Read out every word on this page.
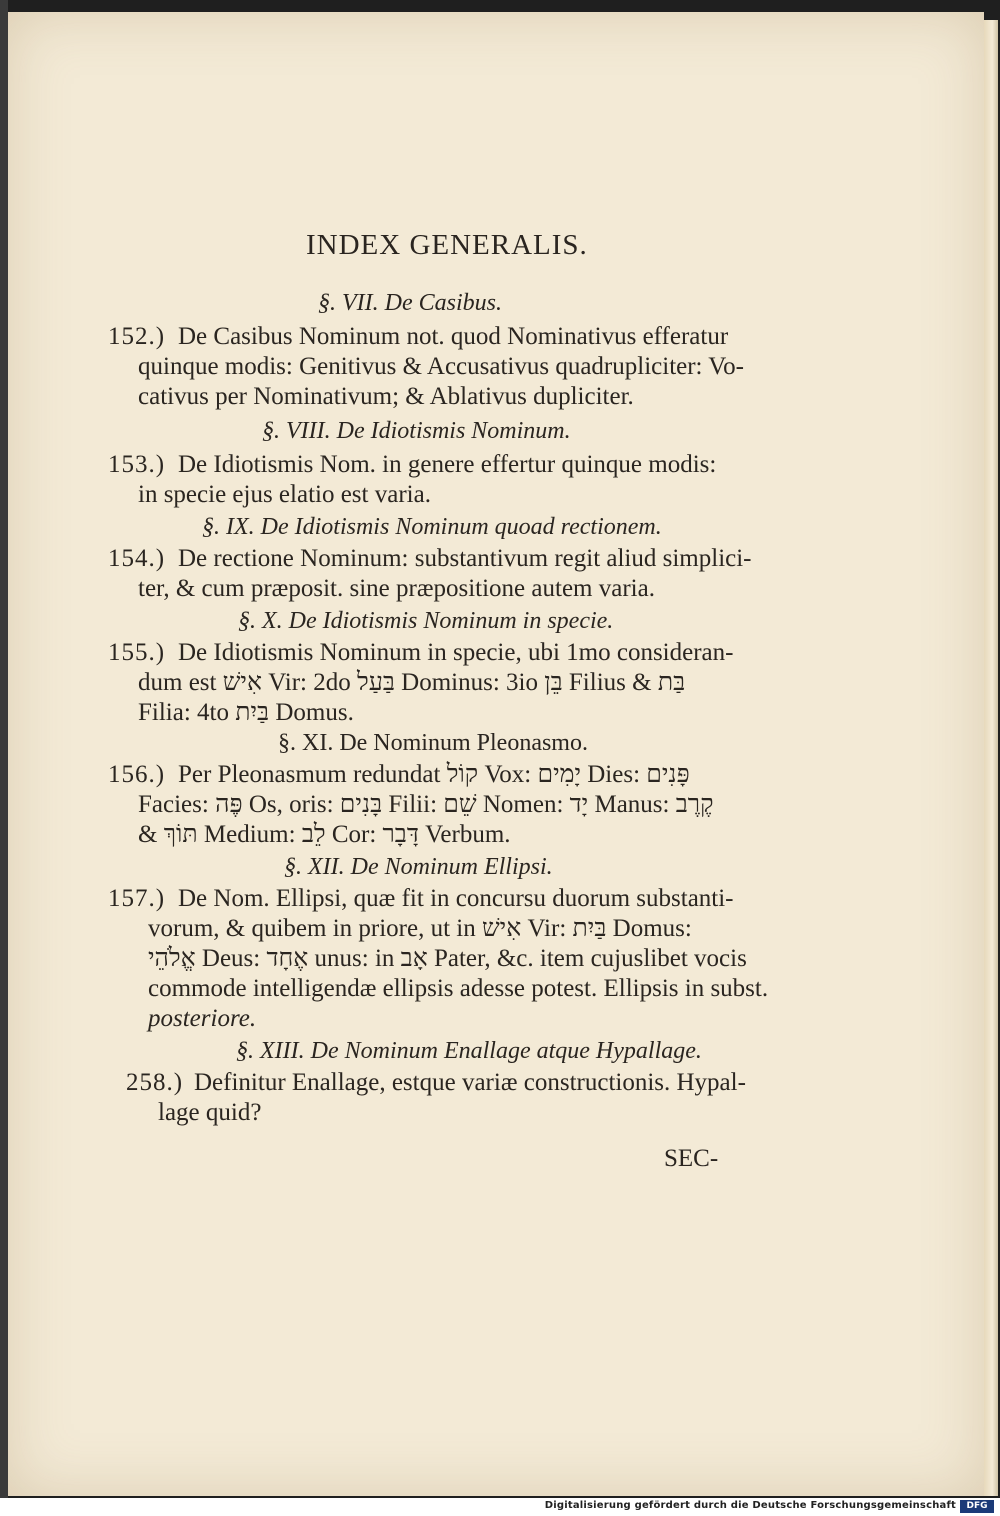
INDEX GENERALIS.
§. VII. De Casibus.
152.) De Casibus Nominum not. quod Nominativus efferatur
quinque modis: Genitivus & Accusativus quadrupliciter: Vo-
cativus per Nominativum; & Ablativus dupliciter.
§. VIII. De Idiotismis Nominum.
153.) De Idiotismis Nom. in genere effertur quinque modis:
in specie ejus elatio est varia.
§. IX. De Idiotismis Nominum quoad rectionem.
154.) De rectione Nominum: substantivum regit aliud simplici-
ter, & cum præposit. sine præpositione autem varia.
§. X. De Idiotismis Nominum in specie.
155.) De Idiotismis Nominum in specie, ubi 1mo consideran-
dum est אִישׁ Vir: 2do בַּעַל Dominus: 3io בֵּן Filius & בַּת
Filia: 4to בַּיִת Domus.
§. XI. De Nominum Pleonasmo.
156.) Per Pleonasmum redundat קוֹל Vox: יָמִים Dies: פָּנִים
Facies: פֶּה Os, oris: בָּנִים Filii: שֵׁם Nomen: יָד Manus: קֶרֶב
& תּוֹךְ Medium: לֵב Cor: דָּבָר Verbum.
§. XII. De Nominum Ellipsi.
157.) De Nom. Ellipsi, quæ fit in concursu duorum substanti-
vorum, & quibem in priore, ut in אִישׁ Vir: בַּיִת Domus:
אֱלֹהֵי Deus: אֶחָד unus: in אָב Pater, &c. item cujuslibet vocis
commode intelligendæ ellipsis adesse potest. Ellipsis in subst.
posteriore.
§. XIII. De Nominum Enallage atque Hypallage.
258.) Definitur Enallage, estque variæ constructionis. Hypal-
lage quid?
SEC-
Digitalisierung gefördert durch die Deutsche Forschungsgemeinschaft	DFG
